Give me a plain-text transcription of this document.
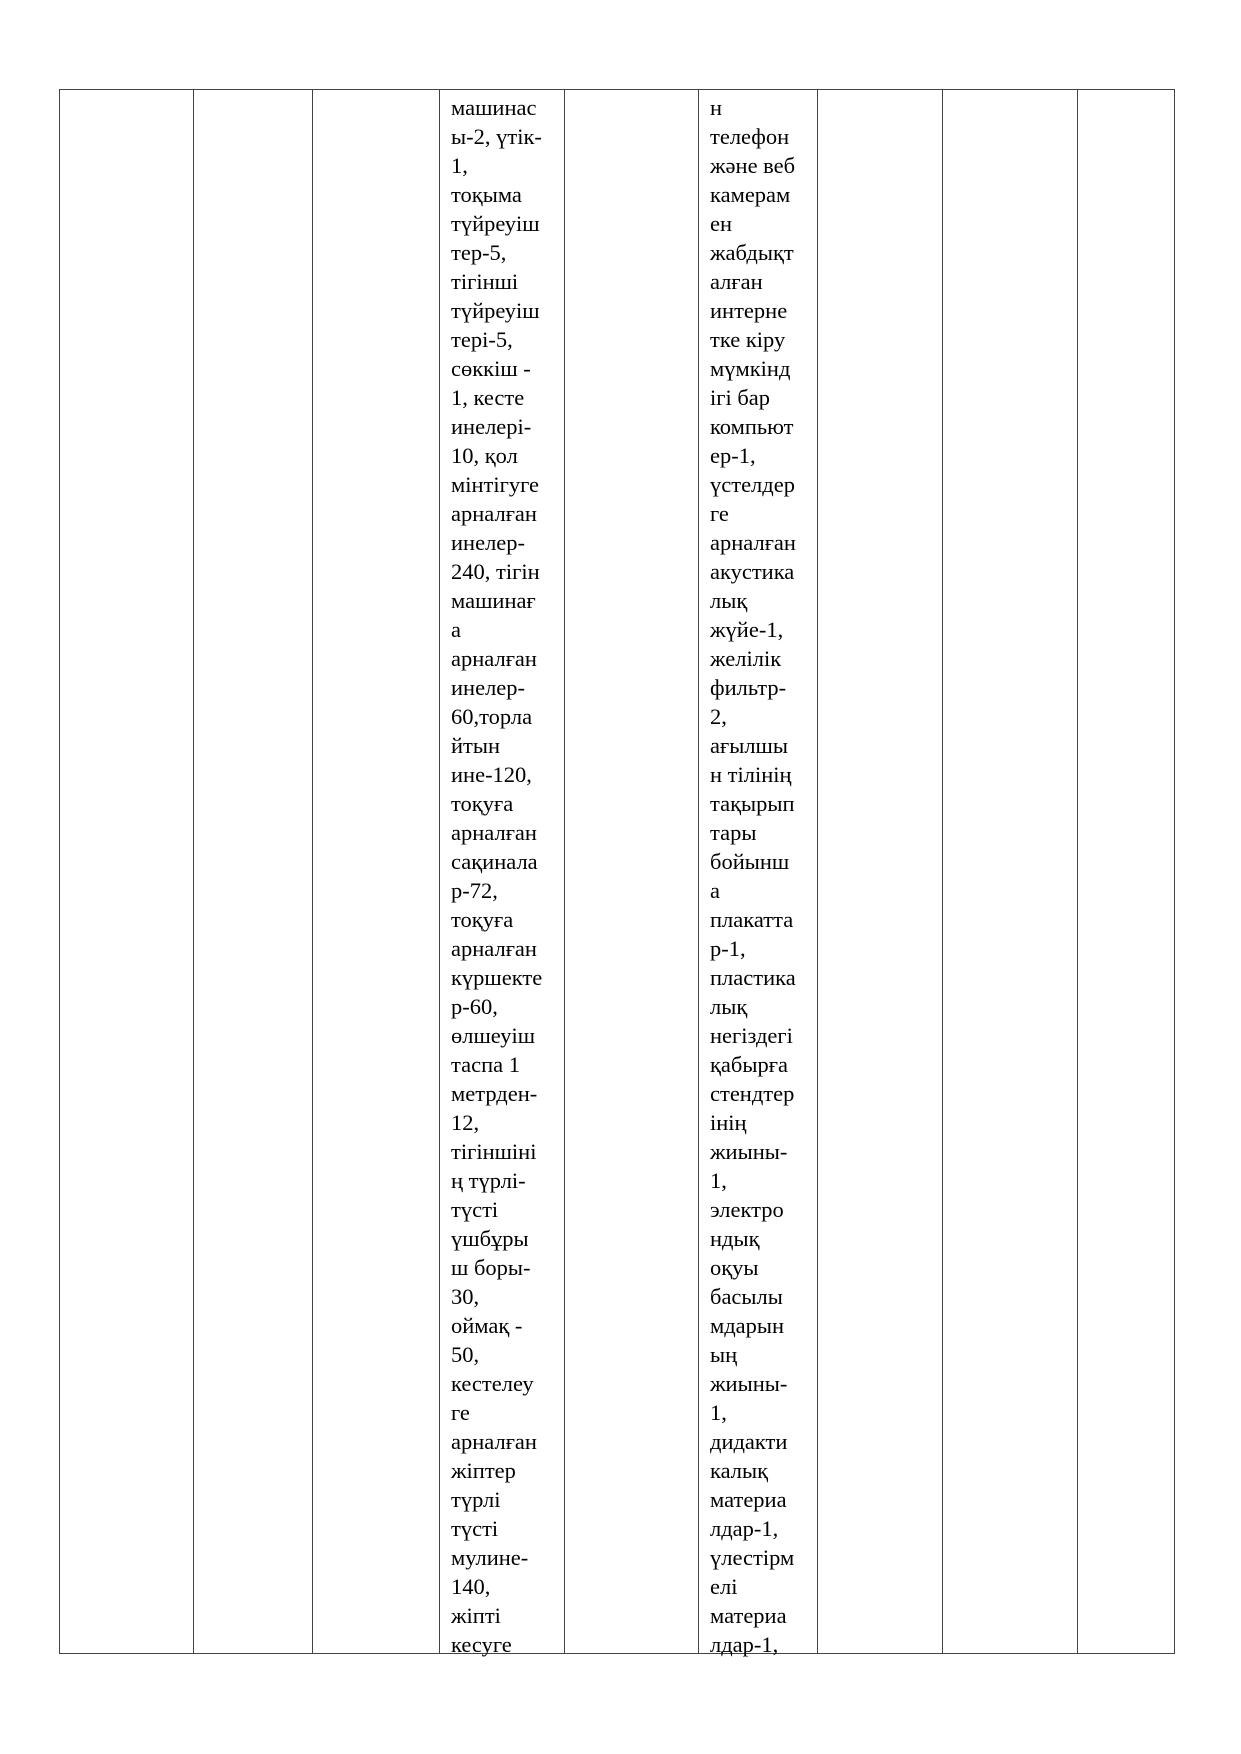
машинас
ы-2, үтік-
1,
тоқыма
түйреуіш
тер-5,
тігінші
түйреуіш
тері-5,
сөккіш -
1, кесте
инелері-
10, қол
мінтігуге
арналған
инелер-
240, тігін
машинағ
а
арналған
инелер-
60,торла
йтын
ине-120,
тоқуға
арналған
сақинала
р-72,
тоқуға
арналған
күршекте
р-60,
өлшеуіш
таспа 1
метрден-
12,
тігіншіні
ң түрлі-
түсті
үшбұры
ш боры-
30,
оймақ -
50,
кестелеу
ге
арналған
жіптер
түрлі
түсті
мулине-
140,
жіпті
кесуге
н
телефон
және веб
камерам
ен
жабдықт
алған
интерне
тке кіру
мүмкінд
ігі бар
компьют
ер-1,
үстелдер
ге
арналған
акустика
лық
жүйе-1,
желілік
фильтр-
2,
ағылшы
н тілінің
тақырып
тары
бойынш
а
плакатта
р-1,
пластика
лық
негіздегі
қабырға
стендтер
інің
жиыны-
1,
электро
ндық
оқуы
басылы
мдарын
ың
жиыны-
1,
дидакти
калық
материа
лдар-1,
үлестірм
елі
материа
лдар-1,
